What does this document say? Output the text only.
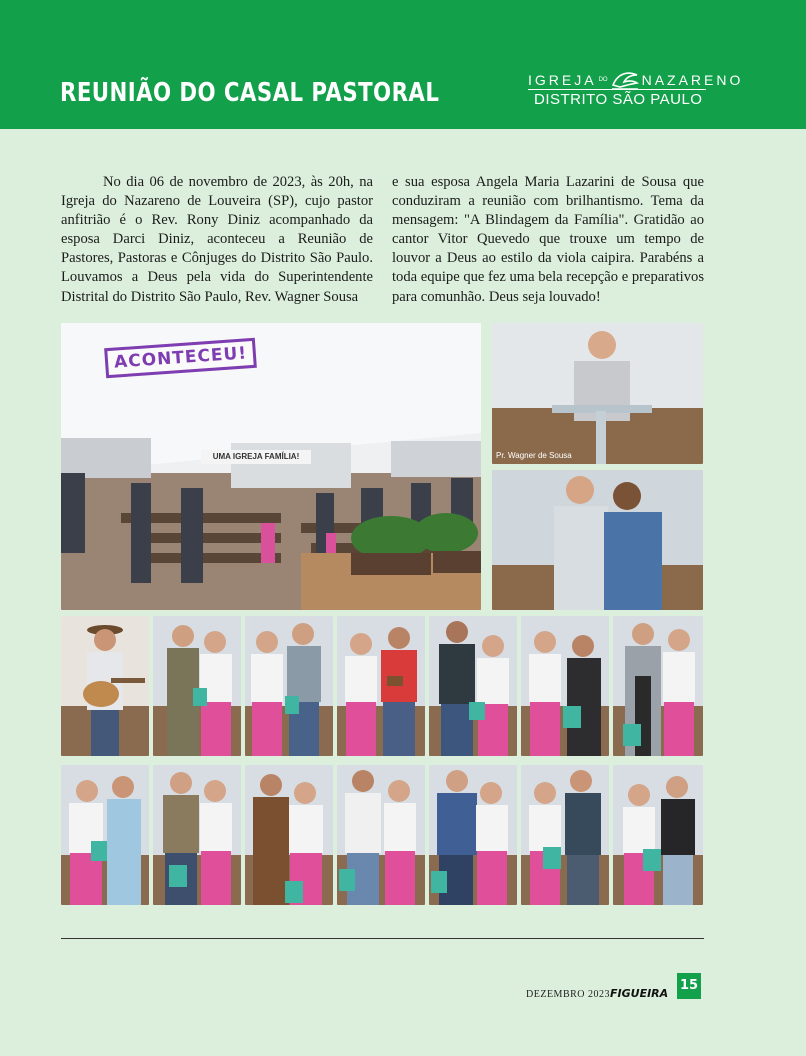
REUNIÃO DO CASAL PASTORAL	IGREJA DO NAZARENO
DISTRITO SÃO PAULO
No dia 06 de novembro de 2023, às 20h, na Igreja do Nazareno de Louveira (SP), cujo pastor anfitrião é o Rev. Rony Diniz acompanhado da esposa Darci Diniz, aconteceu a Reunião de Pastores, Pastoras e Cônjuges do Distrito São Paulo. Louvamos a Deus pela vida do Superintendente Distrital do Distrito São Paulo, Rev. Wagner Sousa
e sua esposa Angela Maria Lazarini de Sousa que conduziram a reunião com brilhantismo. Tema da mensagem: "A Blindagem da Família". Gratidão ao cantor Vitor Quevedo que trouxe um tempo de louvor a Deus ao estilo da viola caipira. Parabéns a toda equipe que fez uma bela recepção e preparativos para comunhão. Deus seja louvado!
ACONTECEU!
UMA IGREJA FAMÍLIA!	Pr. Wagner de Sousa
DEZEMBRO 2023 FIGUEIRA
15
